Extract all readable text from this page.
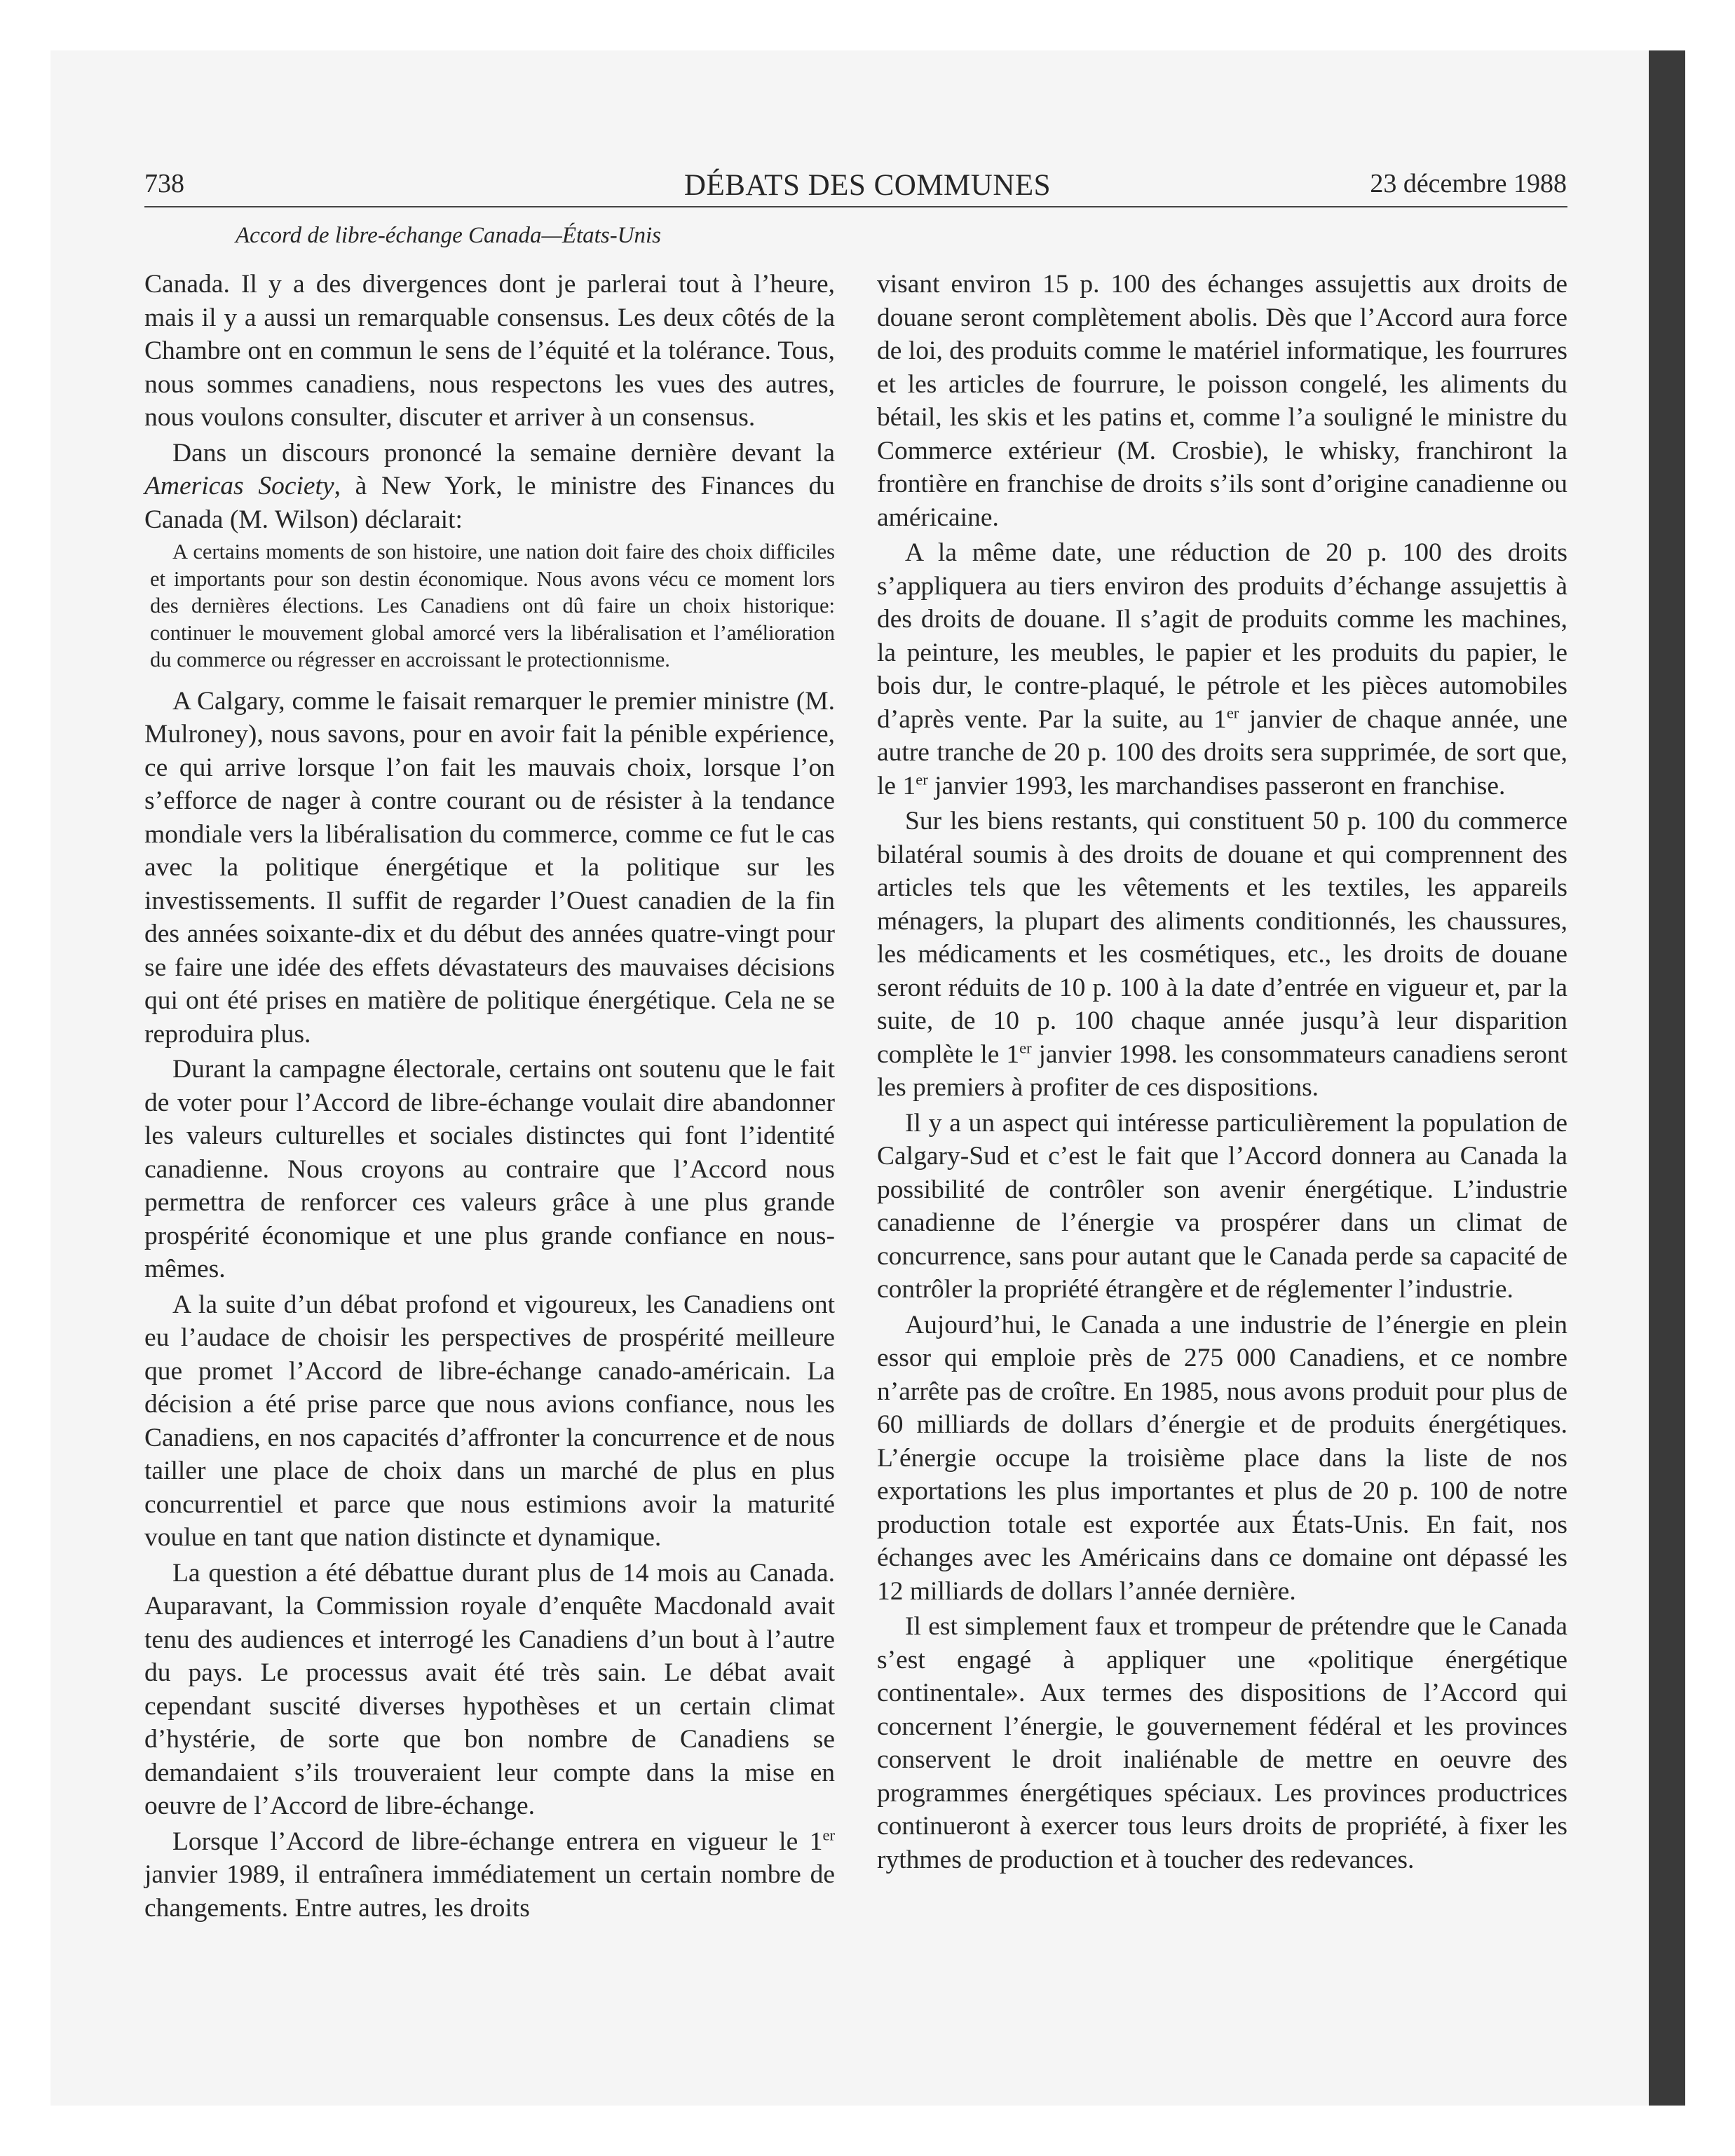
738	DÉBATS DES COMMUNES	23 décembre 1988
Accord de libre-échange Canada—États-Unis

Canada. Il y a des divergences dont je parlerai tout à l’heure, mais il y a aussi un remarquable consensus. Les deux côtés de la Chambre ont en commun le sens de l’équité et la tolérance. Tous, nous sommes canadiens, nous respectons les vues des autres, nous voulons consulter, discuter et arriver à un consensus.

Dans un discours prononcé la semaine dernière devant la Americas Society, à New York, le ministre des Finances du Canada (M. Wilson) déclarait:

A certains moments de son histoire, une nation doit faire des choix difficiles et importants pour son destin économique. Nous avons vécu ce moment lors des dernières élections. Les Canadiens ont dû faire un choix historique: continuer le mouvement global amorcé vers la libéralisation et l’amélioration du commerce ou régresser en accroissant le protectionnisme.

A Calgary, comme le faisait remarquer le premier ministre (M. Mulroney), nous savons, pour en avoir fait la pénible expérience, ce qui arrive lorsque l’on fait les mauvais choix, lorsque l’on s’efforce de nager à contre courant ou de résister à la tendance mondiale vers la libéralisation du commerce, comme ce fut le cas avec la politique énergétique et la politique sur les investissements. Il suffit de regarder l’Ouest canadien de la fin des années soixante-dix et du début des années quatre-vingt pour se faire une idée des effets dévastateurs des mauvaises décisions qui ont été prises en matière de politique énergétique. Cela ne se reproduira plus.

Durant la campagne électorale, certains ont soutenu que le fait de voter pour l’Accord de libre-échange voulait dire abandonner les valeurs culturelles et sociales distinctes qui font l’identité canadienne. Nous croyons au contraire que l’Accord nous permettra de renforcer ces valeurs grâce à une plus grande prospérité économique et une plus grande confiance en nous-mêmes.

A la suite d’un débat profond et vigoureux, les Canadiens ont eu l’audace de choisir les perspectives de prospérité meilleure que promet l’Accord de libre-échange canado-américain. La décision a été prise parce que nous avions confiance, nous les Canadiens, en nos capacités d’affronter la concurrence et de nous tailler une place de choix dans un marché de plus en plus concurrentiel et parce que nous estimions avoir la maturité voulue en tant que nation distincte et dynamique.

La question a été débattue durant plus de 14 mois au Canada. Auparavant, la Commission royale d’enquête Macdonald avait tenu des audiences et interrogé les Canadiens d’un bout à l’autre du pays. Le processus avait été très sain. Le débat avait cependant suscité diverses hypothèses et un certain climat d’hystérie, de sorte que bon nombre de Canadiens se demandaient s’ils trouveraient leur compte dans la mise en oeuvre de l’Accord de libre-échange.

Lorsque l’Accord de libre-échange entrera en vigueur le 1er janvier 1989, il entraînera immédiatement un certain nombre de changements. Entre autres, les droits

visant environ 15 p. 100 des échanges assujettis aux droits de douane seront complètement abolis. Dès que l’Accord aura force de loi, des produits comme le matériel informatique, les fourrures et les articles de fourrure, le poisson congelé, les aliments du bétail, les skis et les patins et, comme l’a souligné le ministre du Commerce extérieur (M. Crosbie), le whisky, franchiront la frontière en franchise de droits s’ils sont d’origine canadienne ou américaine.

A la même date, une réduction de 20 p. 100 des droits s’appliquera au tiers environ des produits d’échange assujettis à des droits de douane. Il s’agit de produits comme les machines, la peinture, les meubles, le papier et les produits du papier, le bois dur, le contre-plaqué, le pétrole et les pièces automobiles d’après vente. Par la suite, au 1er janvier de chaque année, une autre tranche de 20 p. 100 des droits sera supprimée, de sort que, le 1er janvier 1993, les marchandises passeront en franchise.

Sur les biens restants, qui constituent 50 p. 100 du commerce bilatéral soumis à des droits de douane et qui comprennent des articles tels que les vêtements et les textiles, les appareils ménagers, la plupart des aliments conditionnés, les chaussures, les médicaments et les cosmétiques, etc., les droits de douane seront réduits de 10 p. 100 à la date d’entrée en vigueur et, par la suite, de 10 p. 100 chaque année jusqu’à leur disparition complète le 1er janvier 1998. les consommateurs canadiens seront les premiers à profiter de ces dispositions.

Il y a un aspect qui intéresse particulièrement la population de Calgary-Sud et c’est le fait que l’Accord donnera au Canada la possibilité de contrôler son avenir énergétique. L’industrie canadienne de l’énergie va prospérer dans un climat de concurrence, sans pour autant que le Canada perde sa capacité de contrôler la propriété étrangère et de réglementer l’industrie.

Aujourd’hui, le Canada a une industrie de l’énergie en plein essor qui emploie près de 275 000 Canadiens, et ce nombre n’arrête pas de croître. En 1985, nous avons produit pour plus de 60 milliards de dollars d’énergie et de produits énergétiques. L’énergie occupe la troisième place dans la liste de nos exportations les plus importantes et plus de 20 p. 100 de notre production totale est exportée aux États-Unis. En fait, nos échanges avec les Américains dans ce domaine ont dépassé les 12 milliards de dollars l’année dernière.

Il est simplement faux et trompeur de prétendre que le Canada s’est engagé à appliquer une «politique énergétique continentale». Aux termes des dispositions de l’Accord qui concernent l’énergie, le gouvernement fédéral et les provinces conservent le droit inaliénable de mettre en oeuvre des programmes énergétiques spéciaux. Les provinces productrices continueront à exercer tous leurs droits de propriété, à fixer les rythmes de production et à toucher des redevances.
